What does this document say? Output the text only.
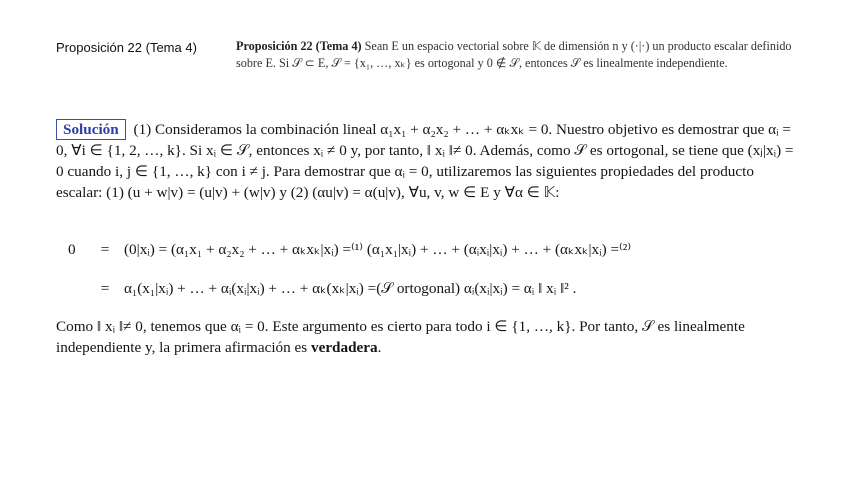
Proposición 22 (Tema 4)	Proposición 22 (Tema 4) Sean E un espacio vectorial sobre 𝕂 de dimensión n y (·|·) un producto escalar definido sobre E. Si 𝒮 ⊂ E, 𝒮 = {x₁, …, xₖ} es ortogonal y 0 ∉ 𝒮, entonces 𝒮 es linealmente independiente.
Solución (1) Consideramos la combinación lineal α₁x₁ + α₂x₂ + … + αₖxₖ = 0. Nuestro objetivo es demostrar que αᵢ = 0, ∀i ∈ {1, 2, …, k}. Si xᵢ ∈ 𝒮, entonces xᵢ ≠ 0 y, por tanto, ‖ xᵢ ‖≠ 0. Además, como 𝒮 es ortogonal, se tiene que (xⱼ|xᵢ) = 0 cuando i, j ∈ {1, …, k} con i ≠ j. Para demostrar que αᵢ = 0, utilizaremos las siguientes propiedades del producto escalar: (1) (u + w|v) = (u|v) + (w|v) y (2) (αu|v) = α(u|v), ∀u, v, w ∈ E y ∀α ∈ 𝕂:
0 = (0|xᵢ) = (α₁x₁ + α₂x₂ + … + αₖxₖ|xᵢ) =⁽¹⁾ (α₁x₁|xᵢ) + … + (αᵢxᵢ|xᵢ) + … + (αₖxₖ|xᵢ) =⁽²⁾
= α₁(x₁|xᵢ) + … + αᵢ(xᵢ|xᵢ) + … + αₖ(xₖ|xᵢ) =(𝒮 ortogonal) αᵢ(xᵢ|xᵢ) = αᵢ ‖ xᵢ ‖² .
Como ‖ xᵢ ‖≠ 0, tenemos que αᵢ = 0. Este argumento es cierto para todo i ∈ {1, …, k}. Por tanto, 𝒮 es linealmente independiente y, la primera afirmación es verdadera.
